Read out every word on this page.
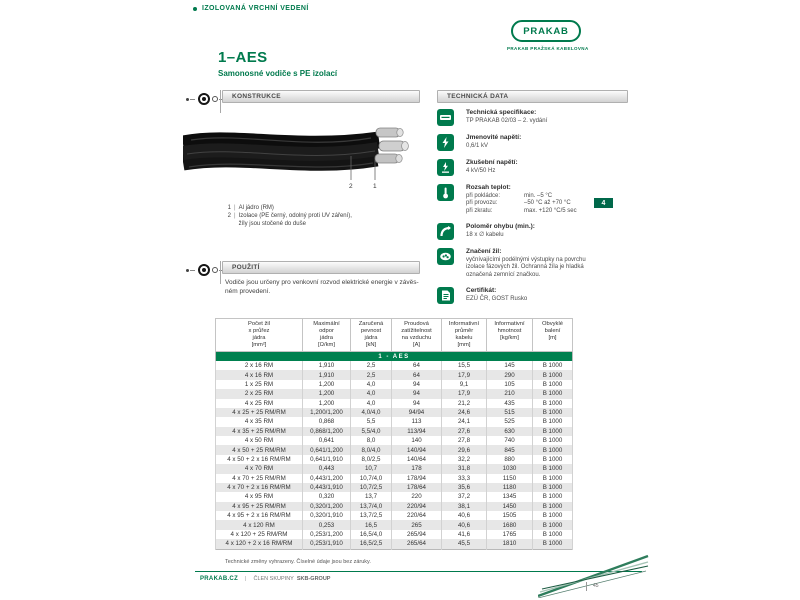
IZOLOVANÁ VRCHNÍ VEDENÍ
PRAKAB
PRAKAB PRAŽSKÁ KABELOVNA
1–AES
Samonosné vodiče s PE izolací
KONSTRUKCE
2	1
1 | Al jádro (RM)
2 | Izolace (PE černý, odolný proti UV záření),
žíly jsou stočené do duše
POUŽITÍ
Vodiče jsou určeny pro venkovní rozvod elektrické energie v závěs-
ném provedení.
TECHNICKÁ DATA
Technická specifikace:
TP PRAKAB 02/03 – 2. vydání
Jmenovité napětí:
0,6/1 kV
Zkušební napětí:
4 kV/50 Hz
Rozsah teplot:
při pokládce:	min. –5 °C
při provozu:	–50 °C až +70 °C
při zkratu:	max. +120 °C/5 sec
Poloměr ohybu (min.):
18 x ∅ kabelu
Značení žil:
vyčnívajícími podélnými výstupky na povrchu
izolace fázových žil. Ochranná žíla je hladká
označená zemnící značkou.
Certifikát:
EZÚ ČR, GOST Rusko
4
Počet žil
x průřez
jádra
[mm²]

Maximální
odpor
jádra
[Ω/km]

Zaručená
pevnost
jádra
[kN]

Proudová
zatížitelnost
na vzduchu
[A]

Informativní
průměr
kabelu
[mm]

Informativní
hmotnost
[kg/km]

Obvyklé
balení
[m]

1 - AES						
2 x 16 RM	1,910	2,5	64	15,5	145	B 1000
4 x 16 RM	1,910	2,5	64	17,9	290	B 1000
1 x 25 RM	1,200	4,0	94	9,1	105	B 1000
2 x 25 RM	1,200	4,0	94	17,9	210	B 1000
4 x 25 RM	1,200	4,0	94	21,2	435	B 1000
4 x 25 + 25 RM/RM	1,200/1,200	4,0/4,0	94/94	24,6	515	B 1000
4 x 35 RM	0,868	5,5	113	24,1	525	B 1000
4 x 35 + 25 RM/RM	0,868/1,200	5,5/4,0	113/94	27,6	630	B 1000
4 x 50 RM	0,641	8,0	140	27,8	740	B 1000
4 x 50 + 25 RM/RM	0,641/1,200	8,0/4,0	140/94	29,6	845	B 1000
4 x 50 + 2 x 16 RM/RM	0,641/1,910	8,0/2,5	140/64	32,2	880	B 1000
4 x 70 RM	0,443	10,7	178	31,8	1030	B 1000
4 x 70 + 25 RM/RM	0,443/1,200	10,7/4,0	178/94	33,3	1150	B 1000
4 x 70 + 2 x 16 RM/RM	0,443/1,910	10,7/2,5	178/64	35,6	1180	B 1000
4 x 95 RM	0,320	13,7	220	37,2	1345	B 1000
4 x 95 + 25 RM/RM	0,320/1,200	13,7/4,0	220/94	38,1	1450	B 1000
4 x 95 + 2 x 16 RM/RM	0,320/1,910	13,7/2,5	220/64	40,6	1505	B 1000
4 x 120 RM	0,253	16,5	265	40,6	1680	B 1000
4 x 120 + 25 RM/RM	0,253/1,200	16,5/4,0	265/94	41,6	1765	B 1000
4 x 120 + 2 x 16 RM/RM	0,253/1,910	16,5/2,5	265/64	45,5	1810	B 1000
Technické změny vyhrazeny. Číselné údaje jsou bez záruky.
PRAKAB.CZ | ČLEN SKUPINY SKB-GROUP
45
